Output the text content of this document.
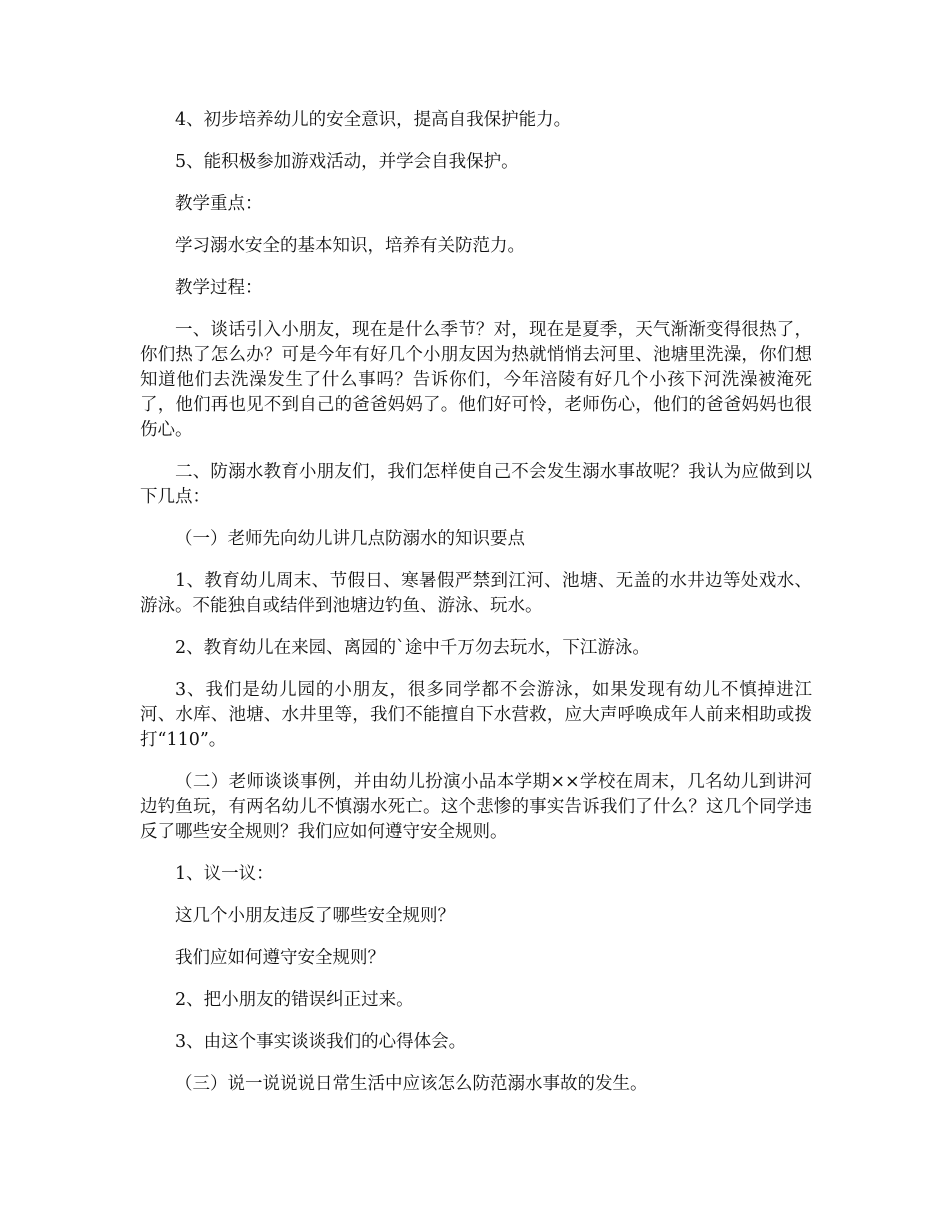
4、初步培养幼儿的安全意识，提高自我保护能力。

5、能积极参加游戏活动，并学会自我保护。

教学重点：

学习溺水安全的基本知识，培养有关防范力。

教学过程：

一、谈话引入小朋友，现在是什么季节？对，现在是夏季，天气渐渐变得很热了，你们热了怎么办？可是今年有好几个小朋友因为热就悄悄去河里、池塘里洗澡，你们想知道他们去洗澡发生了什么事吗？告诉你们，今年涪陵有好几个小孩下河洗澡被淹死了，他们再也见不到自己的爸爸妈妈了。他们好可怜，老师伤心，他们的爸爸妈妈也很伤心。

二、防溺水教育小朋友们，我们怎样使自己不会发生溺水事故呢？我认为应做到以下几点：

（一）老师先向幼儿讲几点防溺水的知识要点

1、教育幼儿周末、节假日、寒暑假严禁到江河、池塘、无盖的水井边等处戏水、游泳。不能独自或结伴到池塘边钓鱼、游泳、玩水。

2、教育幼儿在来园、离园的`途中千万勿去玩水，下江游泳。

3、我们是幼儿园的小朋友，很多同学都不会游泳，如果发现有幼儿不慎掉进江河、水库、池塘、水井里等，我们不能擅自下水营救，应大声呼唤成年人前来相助或拨打“110”。

（二）老师谈谈事例，并由幼儿扮演小品本学期××学校在周末，几名幼儿到讲河边钓鱼玩，有两名幼儿不慎溺水死亡。这个悲惨的事实告诉我们了什么？这几个同学违反了哪些安全规则？我们应如何遵守安全规则。

1、议一议：

这几个小朋友违反了哪些安全规则？

我们应如何遵守安全规则？

2、把小朋友的错误纠正过来。

3、由这个事实谈谈我们的心得体会。

（三）说一说说说日常生活中应该怎么防范溺水事故的发生。
